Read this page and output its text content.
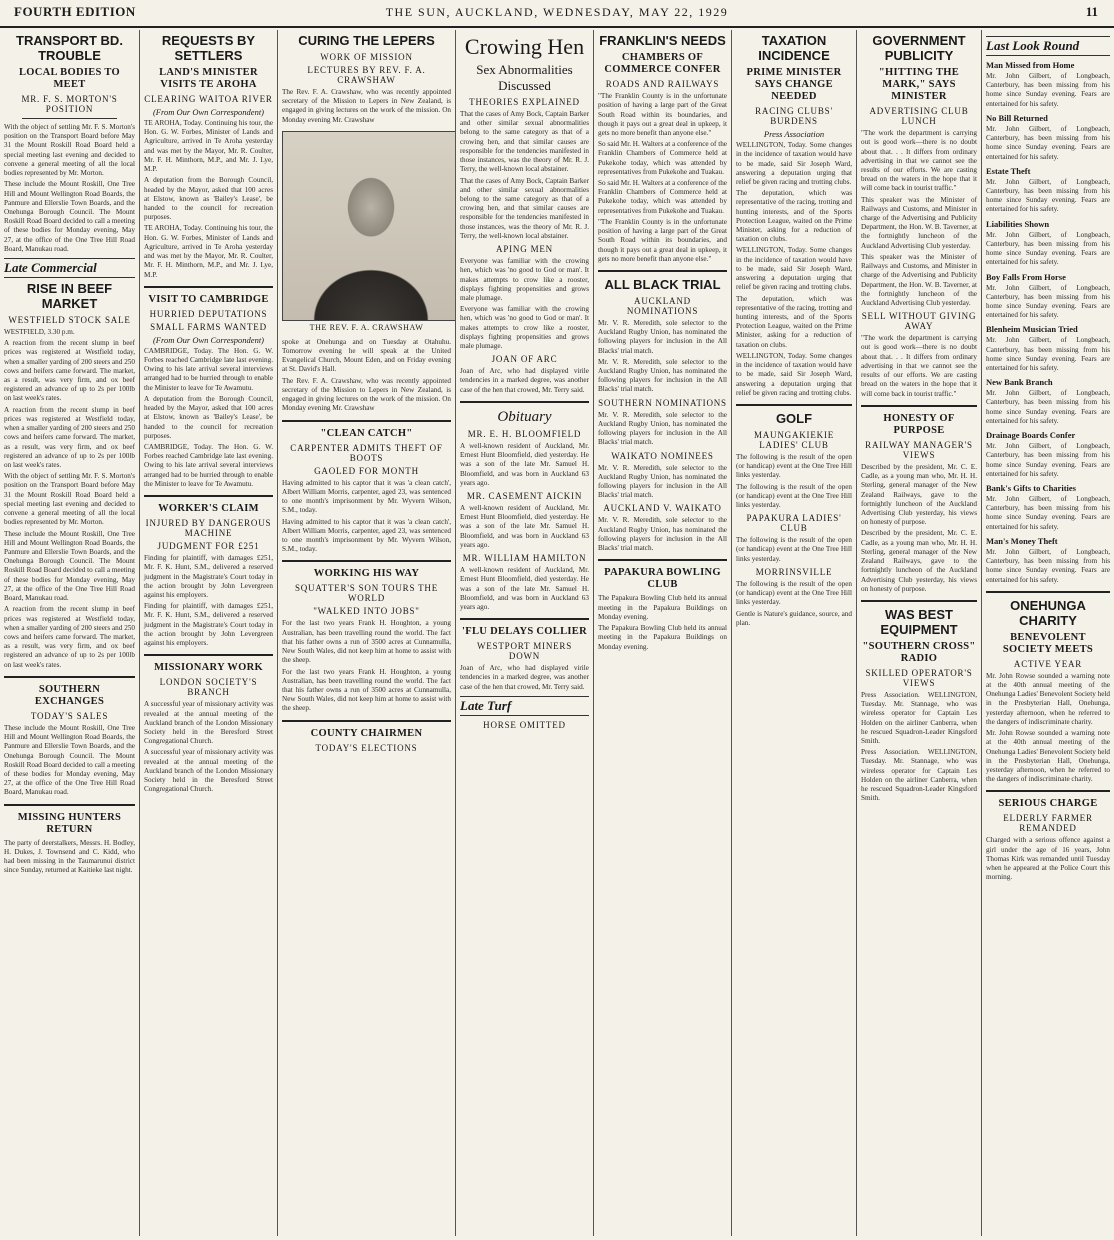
FOURTH EDITION	THE SUN, AUCKLAND, WEDNESDAY, MAY 22, 1929	11
TRANSPORT BD. TROUBLE
LOCAL BODIES TO MEET
MR. F. S. MORTON'S POSITION

With the object of settling Mr. F. S. Morton's position on the Transport Board before May 31 the Mount Roskill Road Board held a special meeting last evening and decided to convene a general meeting of all the local bodies represented by Mr. Morton.

These include the Mount Roskill, One Tree Hill and Mount Wellington Road Boards, the Panmure and Ellerslie Town Boards, and the Onehunga Borough Council. The Mount Roskill Road Board decided to call a meeting of these bodies for Monday evening, May 27, at the office of the One Tree Hill Road Board, Manukau road.

Late Commercial
RISE IN BEEF MARKET
WESTFIELD STOCK SALE

WESTFIELD, 3.30 p.m.

A reaction from the recent slump in beef prices was registered at Westfield today, when a smaller yarding of 200 steers and 250 cows and heifers came forward. The market, as a result, was very firm, and ox beef registered an advance of up to 2s per 100lb on last week's rates.

A reaction from the recent slump in beef prices was registered at Westfield today, when a smaller yarding of 200 steers and 250 cows and heifers came forward. The market, as a result, was very firm, and ox beef registered an advance of up to 2s per 100lb on last week's rates.

With the object of settling Mr. F. S. Morton's position on the Transport Board before May 31 the Mount Roskill Road Board held a special meeting last evening and decided to convene a general meeting of all the local bodies represented by Mr. Morton.

These include the Mount Roskill, One Tree Hill and Mount Wellington Road Boards, the Panmure and Ellerslie Town Boards, and the Onehunga Borough Council. The Mount Roskill Road Board decided to call a meeting of these bodies for Monday evening, May 27, at the office of the One Tree Hill Road Board, Manukau road.

A reaction from the recent slump in beef prices was registered at Westfield today, when a smaller yarding of 200 steers and 250 cows and heifers came forward. The market, as a result, was very firm, and ox beef registered an advance of up to 2s per 100lb on last week's rates.

SOUTHERN EXCHANGES
TODAY'S SALES

These include the Mount Roskill, One Tree Hill and Mount Wellington Road Boards, the Panmure and Ellerslie Town Boards, and the Onehunga Borough Council. The Mount Roskill Road Board decided to call a meeting of these bodies for Monday evening, May 27, at the office of the One Tree Hill Road Board, Manukau road.

MISSING HUNTERS RETURN

The party of deerstalkers, Messrs. H. Bodley, H. Dukes, J. Townsend and C. Kidd, who had been missing in the Taumarunui district since Sunday, returned at Kaitieke last night.

REQUESTS BY SETTLERS
LAND'S MINISTER VISITS TE AROHA
CLEARING WAITOA RIVER
(From Our Own Correspondent)

TE AROHA, Today. Continuing his tour, the Hon. G. W. Forbes, Minister of Lands and Agriculture, arrived in Te Aroha yesterday and was met by the Mayor, Mr. R. Coulter, Mr. F. H. Minthorn, M.P., and Mr. J. Lye, M.P.

A deputation from the Borough Council, headed by the Mayor, asked that 100 acres at Elstow, known as 'Bailey's Lease', be handed to the council for recreation purposes.

TE AROHA, Today. Continuing his tour, the Hon. G. W. Forbes, Minister of Lands and Agriculture, arrived in Te Aroha yesterday and was met by the Mayor, Mr. R. Coulter, Mr. F. H. Minthorn, M.P., and Mr. J. Lye, M.P.

VISIT TO CAMBRIDGE
HURRIED DEPUTATIONS
SMALL FARMS WANTED
(From Our Own Correspondent)

CAMBRIDGE, Today. The Hon. G. W. Forbes reached Cambridge late last evening. Owing to his late arrival several interviews arranged had to be hurried through to enable the Minister to leave for Te Awamutu.

A deputation from the Borough Council, headed by the Mayor, asked that 100 acres at Elstow, known as 'Bailey's Lease', be handed to the council for recreation purposes.

CAMBRIDGE, Today. The Hon. G. W. Forbes reached Cambridge late last evening. Owing to his late arrival several interviews arranged had to be hurried through to enable the Minister to leave for Te Awamutu.

WORKER'S CLAIM
INJURED BY DANGEROUS MACHINE
JUDGMENT FOR £251

Finding for plaintiff, with damages £251, Mr. F. K. Hunt, S.M., delivered a reserved judgment in the Magistrate's Court today in the action brought by John Levergreen against his employers.

Finding for plaintiff, with damages £251, Mr. F. K. Hunt, S.M., delivered a reserved judgment in the Magistrate's Court today in the action brought by John Levergreen against his employers.

MISSIONARY WORK
LONDON SOCIETY'S BRANCH

A successful year of missionary activity was revealed at the annual meeting of the Auckland branch of the London Missionary Society held in the Beresford Street Congregational Church.

A successful year of missionary activity was revealed at the annual meeting of the Auckland branch of the London Missionary Society held in the Beresford Street Congregational Church.

CURING THE LEPERS
WORK OF MISSION
LECTURES BY REV. F. A. CRAWSHAW

The Rev. F. A. Crawshaw, who was recently appointed secretary of the Mission to Lepers in New Zealand, is engaged in giving lectures on the work of the mission. On Monday evening Mr. Crawshaw

THE REV. F. A. CRAWSHAW

spoke at Onehunga and on Tuesday at Otahuhu. Tomorrow evening he will speak at the United Evangelical Church, Mount Eden, and on Friday evening at St. David's Hall.

The Rev. F. A. Crawshaw, who was recently appointed secretary of the Mission to Lepers in New Zealand, is engaged in giving lectures on the work of the mission. On Monday evening Mr. Crawshaw

"CLEAN CATCH"
CARPENTER ADMITS THEFT OF BOOTS
GAOLED FOR MONTH

Having admitted to his captor that it was 'a clean catch', Albert William Morris, carpenter, aged 23, was sentenced to one month's imprisonment by Mr. Wyvern Wilson, S.M., today.

Having admitted to his captor that it was 'a clean catch', Albert William Morris, carpenter, aged 23, was sentenced to one month's imprisonment by Mr. Wyvern Wilson, S.M., today.

WORKING HIS WAY
SQUATTER'S SON TOURS THE WORLD
"WALKED INTO JOBS"

For the last two years Frank H. Houghton, a young Australian, has been travelling round the world. The fact that his father owns a run of 3500 acres at Cunnamulla, New South Wales, did not keep him at home to assist with the sheep.

For the last two years Frank H. Houghton, a young Australian, has been travelling round the world. The fact that his father owns a run of 3500 acres at Cunnamulla, New South Wales, did not keep him at home to assist with the sheep.

COUNTY CHAIRMEN
TODAY'S ELECTIONS
Crowing Hen
Sex Abnormalities Discussed
THEORIES EXPLAINED

That the cases of Amy Bock, Captain Barker and other similar sexual abnormalities belong to the same category as that of a crowing hen, and that similar causes are responsible for the tendencies manifested in those instances, was the theory of Mr. R. J. Terry, the well-known local abstainer.

That the cases of Amy Bock, Captain Barker and other similar sexual abnormalities belong to the same category as that of a crowing hen, and that similar causes are responsible for the tendencies manifested in those instances, was the theory of Mr. R. J. Terry, the well-known local abstainer.

APING MEN

Everyone was familiar with the crowing hen, which was 'no good to God or man'. It makes attempts to crow like a rooster, displays fighting propensities and grows male plumage.

Everyone was familiar with the crowing hen, which was 'no good to God or man'. It makes attempts to crow like a rooster, displays fighting propensities and grows male plumage.

JOAN OF ARC

Joan of Arc, who had displayed virile tendencies in a marked degree, was another case of the hen that crowed, Mr. Terry said.

Obituary
MR. E. H. BLOOMFIELD

A well-known resident of Auckland, Mr. Ernest Hunt Bloomfield, died yesterday. He was a son of the late Mr. Samuel H. Bloomfield, and was born in Auckland 63 years ago.

MR. CASEMENT AICKIN

A well-known resident of Auckland, Mr. Ernest Hunt Bloomfield, died yesterday. He was a son of the late Mr. Samuel H. Bloomfield, and was born in Auckland 63 years ago.

MR. WILLIAM HAMILTON

A well-known resident of Auckland, Mr. Ernest Hunt Bloomfield, died yesterday. He was a son of the late Mr. Samuel H. Bloomfield, and was born in Auckland 63 years ago.

'FLU DELAYS COLLIER
WESTPORT MINERS DOWN

Joan of Arc, who had displayed virile tendencies in a marked degree, was another case of the hen that crowed, Mr. Terry said.

Late Turf
HORSE OMITTED
FRANKLIN'S NEEDS
CHAMBERS OF COMMERCE CONFER
ROADS AND RAILWAYS

"The Franklin County is in the unfortunate position of having a large part of the Great South Road within its boundaries, and though it pays out a great deal in upkeep, it gets no more benefit than anyone else."

So said Mr. H. Walters at a conference of the Franklin Chambers of Commerce held at Pukekohe today, which was attended by representatives from Pukekohe and Tuakau.

So said Mr. H. Walters at a conference of the Franklin Chambers of Commerce held at Pukekohe today, which was attended by representatives from Pukekohe and Tuakau.

"The Franklin County is in the unfortunate position of having a large part of the Great South Road within its boundaries, and though it pays out a great deal in upkeep, it gets no more benefit than anyone else."

ALL BLACK TRIAL
AUCKLAND NOMINATIONS

Mr. V. R. Meredith, sole selector to the Auckland Rugby Union, has nominated the following players for inclusion in the All Blacks' trial match.

Mr. V. R. Meredith, sole selector to the Auckland Rugby Union, has nominated the following players for inclusion in the All Blacks' trial match.

SOUTHERN NOMINATIONS

Mr. V. R. Meredith, sole selector to the Auckland Rugby Union, has nominated the following players for inclusion in the All Blacks' trial match.

WAIKATO NOMINEES

Mr. V. R. Meredith, sole selector to the Auckland Rugby Union, has nominated the following players for inclusion in the All Blacks' trial match.

AUCKLAND V. WAIKATO

Mr. V. R. Meredith, sole selector to the Auckland Rugby Union, has nominated the following players for inclusion in the All Blacks' trial match.

PAPAKURA BOWLING CLUB

The Papakura Bowling Club held its annual meeting in the Papakura Buildings on Monday evening.

The Papakura Bowling Club held its annual meeting in the Papakura Buildings on Monday evening.

TAXATION INCIDENCE
PRIME MINISTER SAYS CHANGE NEEDED
RACING CLUBS' BURDENS
Press Association

WELLINGTON, Today. Some changes in the incidence of taxation would have to be made, said Sir Joseph Ward, answering a deputation urging that relief be given racing and trotting clubs.

The deputation, which was representative of the racing, trotting and hunting interests, and of the Sports Protection League, waited on the Prime Minister, asking for a reduction of taxation on clubs.

WELLINGTON, Today. Some changes in the incidence of taxation would have to be made, said Sir Joseph Ward, answering a deputation urging that relief be given racing and trotting clubs.

The deputation, which was representative of the racing, trotting and hunting interests, and of the Sports Protection League, waited on the Prime Minister, asking for a reduction of taxation on clubs.

WELLINGTON, Today. Some changes in the incidence of taxation would have to be made, said Sir Joseph Ward, answering a deputation urging that relief be given racing and trotting clubs.

GOLF
MAUNGAKIEKIE LADIES' CLUB

The following is the result of the open (or handicap) event at the One Tree Hill links yesterday.

The following is the result of the open (or handicap) event at the One Tree Hill links yesterday.

PAPAKURA LADIES' CLUB

The following is the result of the open (or handicap) event at the One Tree Hill links yesterday.

MORRINSVILLE

The following is the result of the open (or handicap) event at the One Tree Hill links yesterday.

Gentle is Nature's guidance, source, and plan.

GOVERNMENT PUBLICITY
"HITTING THE MARK," SAYS MINISTER
ADVERTISING CLUB LUNCH

"The work the department is carrying out is good work—there is no doubt about that. . . It differs from ordinary advertising in that we cannot see the results of our efforts. We are casting bread on the waters in the hope that it will come back in tourist traffic."

This speaker was the Minister of Railways and Customs, and Minister in charge of the Advertising and Publicity Department, the Hon. W. B. Taverner, at the fortnightly luncheon of the Auckland Advertising Club yesterday.

This speaker was the Minister of Railways and Customs, and Minister in charge of the Advertising and Publicity Department, the Hon. W. B. Taverner, at the fortnightly luncheon of the Auckland Advertising Club yesterday.

SELL WITHOUT GIVING AWAY

"The work the department is carrying out is good work—there is no doubt about that. . . It differs from ordinary advertising in that we cannot see the results of our efforts. We are casting bread on the waters in the hope that it will come back in tourist traffic."

HONESTY OF PURPOSE
RAILWAY MANAGER'S VIEWS

Described by the president, Mr. C. E. Cadle, as a young man who, Mr. H. H. Sterling, general manager of the New Zealand Railways, gave to the fortnightly luncheon of the Auckland Advertising Club yesterday, his views on honesty of purpose.

Described by the president, Mr. C. E. Cadle, as a young man who, Mr. H. H. Sterling, general manager of the New Zealand Railways, gave to the fortnightly luncheon of the Auckland Advertising Club yesterday, his views on honesty of purpose.

WAS BEST EQUIPMENT
"SOUTHERN CROSS" RADIO
SKILLED OPERATOR'S VIEWS

Press Association. WELLINGTON, Tuesday. Mr. Stannage, who was wireless operator for Captain Les Holden on the airliner Canberra, when he rescued Squadron-Leader Kingsford Smith.

Press Association. WELLINGTON, Tuesday. Mr. Stannage, who was wireless operator for Captain Les Holden on the airliner Canberra, when he rescued Squadron-Leader Kingsford Smith.

Last Look Round
Man Missed from Home

Mr. John Gilbert, of Longbeach, Canterbury, has been missing from his home since Sunday evening. Fears are entertained for his safety.

No Bill Returned

Mr. John Gilbert, of Longbeach, Canterbury, has been missing from his home since Sunday evening. Fears are entertained for his safety.

Estate Theft

Mr. John Gilbert, of Longbeach, Canterbury, has been missing from his home since Sunday evening. Fears are entertained for his safety.

Liabilities Shown

Mr. John Gilbert, of Longbeach, Canterbury, has been missing from his home since Sunday evening. Fears are entertained for his safety.

Boy Falls From Horse

Mr. John Gilbert, of Longbeach, Canterbury, has been missing from his home since Sunday evening. Fears are entertained for his safety.

Blenheim Musician Tried

Mr. John Gilbert, of Longbeach, Canterbury, has been missing from his home since Sunday evening. Fears are entertained for his safety.

New Bank Branch

Mr. John Gilbert, of Longbeach, Canterbury, has been missing from his home since Sunday evening. Fears are entertained for his safety.

Drainage Boards Confer

Mr. John Gilbert, of Longbeach, Canterbury, has been missing from his home since Sunday evening. Fears are entertained for his safety.

Bank's Gifts to Charities

Mr. John Gilbert, of Longbeach, Canterbury, has been missing from his home since Sunday evening. Fears are entertained for his safety.

Man's Money Theft

Mr. John Gilbert, of Longbeach, Canterbury, has been missing from his home since Sunday evening. Fears are entertained for his safety.

ONEHUNGA CHARITY
BENEVOLENT SOCIETY MEETS
ACTIVE YEAR

Mr. John Rowse sounded a warning note at the 40th annual meeting of the Onehunga Ladies' Benevolent Society held in the Presbyterian Hall, Onehunga, yesterday afternoon, when he referred to the dangers of indiscriminate charity.

Mr. John Rowse sounded a warning note at the 40th annual meeting of the Onehunga Ladies' Benevolent Society held in the Presbyterian Hall, Onehunga, yesterday afternoon, when he referred to the dangers of indiscriminate charity.

SERIOUS CHARGE
ELDERLY FARMER REMANDED

Charged with a serious offence against a girl under the age of 16 years, John Thomas Kirk was remanded until Tuesday when he appeared at the Police Court this morning.
